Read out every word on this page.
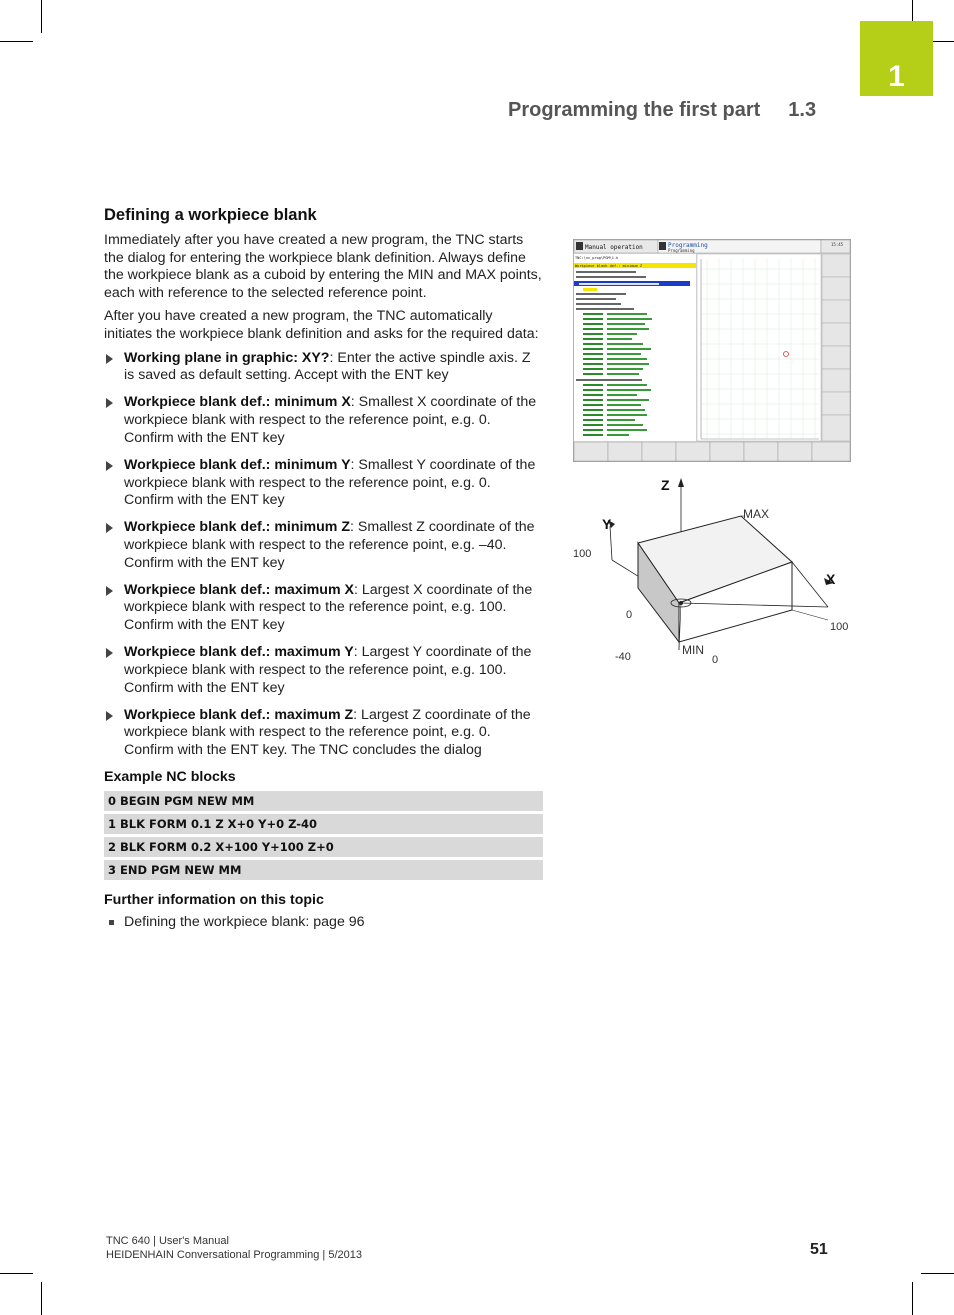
1
Programming the first part 1.3
Defining a workpiece blank

Immediately after you have created a new program, the TNC starts the dialog for entering the workpiece blank definition. Always define the workpiece blank as a cuboid by entering the MIN and MAX points, each with reference to the selected reference point.

After you have created a new program, the TNC automatically initiates the workpiece blank definition and asks for the required data:

Working plane in graphic: XY?: Enter the active spindle axis. Z is saved as default setting. Accept with the ENT key
Workpiece blank def.: minimum X: Smallest X coordinate of the workpiece blank with respect to the reference point, e.g. 0. Confirm with the ENT key
Workpiece blank def.: minimum Y: Smallest Y coordinate of the workpiece blank with respect to the reference point, e.g. 0. Confirm with the ENT key
Workpiece blank def.: minimum Z: Smallest Z coordinate of the workpiece blank with respect to the reference point, e.g. –40. Confirm with the ENT key
Workpiece blank def.: maximum X: Largest X coordinate of the workpiece blank with respect to the reference point, e.g. 100. Confirm with the ENT key
Workpiece blank def.: maximum Y: Largest Y coordinate of the workpiece blank with respect to the reference point, e.g. 100. Confirm with the ENT key
Workpiece blank def.: maximum Z: Largest Z coordinate of the workpiece blank with respect to the reference point, e.g. 0. Confirm with the ENT key. The TNC concludes the dialog
Example NC blocks
0 BEGIN PGM NEW MM
1 BLK FORM 0.1 Z X+0 Y+0 Z-40
2 BLK FORM 0.2 X+100 Y+100 Z+0
3 END PGM NEW MM
Further information on this topic
Defining the workpiece blank: page 96
Manual operation	Programming
Programming
15:45
TNC:\nc_prog\PGM\1.h
Workpiece blank def.: minimum Z
Z
Y
X
MAX
MIN
100
0
-40	0
100
TNC 640 | User's Manual
HEIDENHAIN Conversational Programming | 5/2013	51
